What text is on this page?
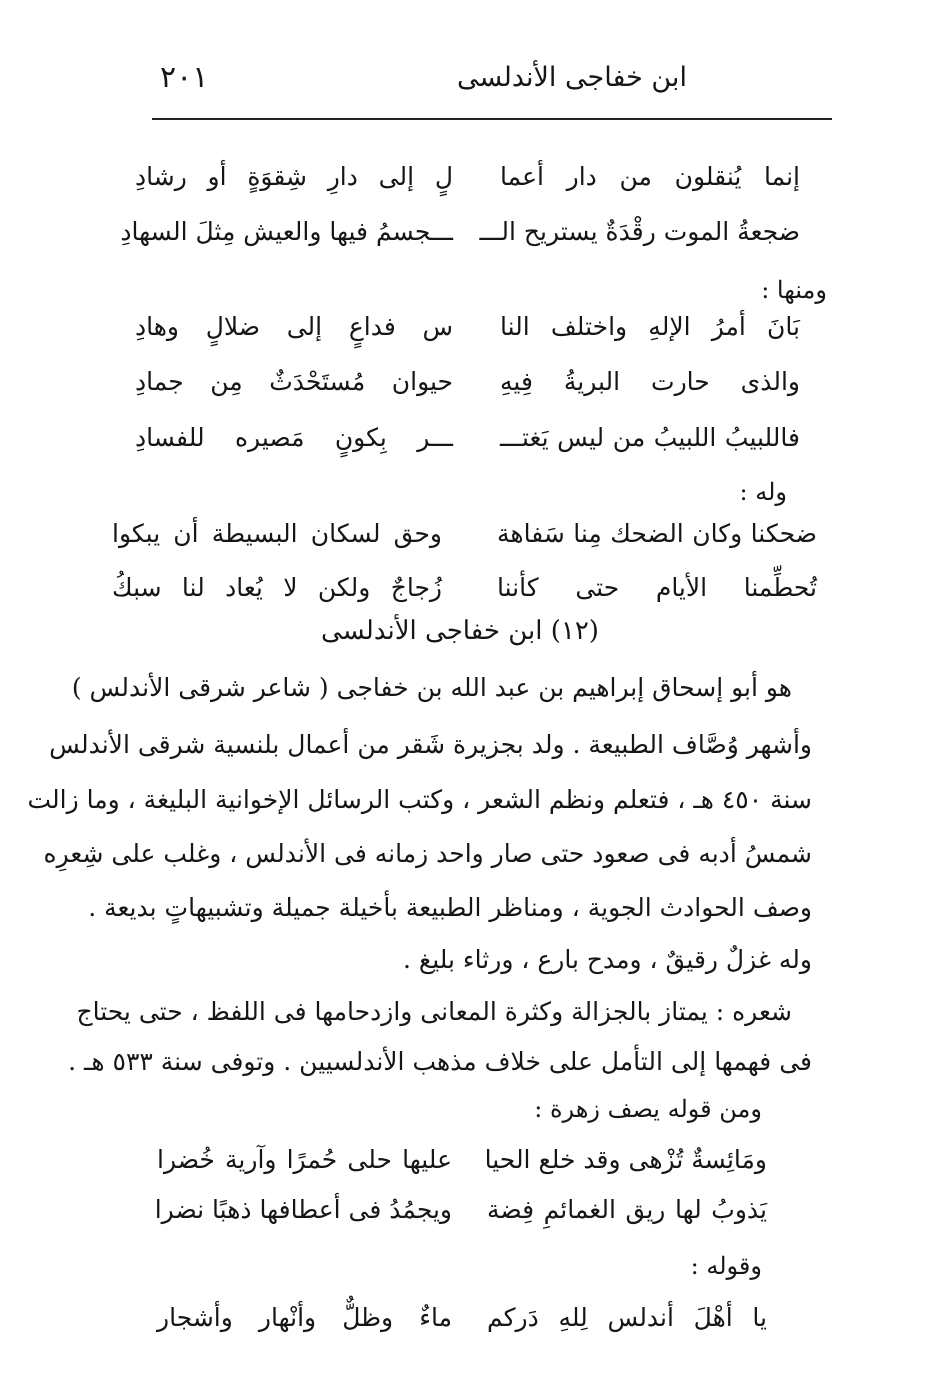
٢٠١	ابن خفاجى الأندلسى
إنما يُنقلون من دار أعما
لٍ إلى دارِ شِقوَةٍ أو رشادِ
ضجعةُ الموت رقْدَةٌ يستريح الـــ
ـــجسمُ فيها والعيش مِثلَ السهادِ
ومنها :
بَانَ أمرُ الإلهِ واختلف النا
س فداعٍ إلى ضلالٍ وهادِ
والذى حارت البريةُ فِيهِ
حيوان مُستَحْدَثٌ مِن جمادِ
فاللبيبُ اللبيبُ من ليس يَغتـــ
ـــر بِكونٍ مَصيره للفسادِ
وله :
ضحكنا وكان الضحك مِنا سَفاهة
وحق لسكان البسيطة أن يبكوا
تُحطِّمنا الأيام حتى كأننا
زُجاجٌ ولكن لا يُعاد لنا سبكُ
(١٢) ابن خفاجى الأندلسى
هو أبو إسحاق إبراهيم بن عبد الله بن خفاجى ( شاعر شرقى الأندلس )
وأشهر وُصَّاف الطبيعة . ولد بجزيرة شَقر من أعمال بلنسية شرقى الأندلس
سنة ٤٥٠ هـ ، فتعلم ونظم الشعر ، وكتب الرسائل الإخوانية البليغة ، وما زالت
شمسُ أدبه فى صعود حتى صار واحد زمانه فى الأندلس ، وغلب على شِعرِه
وصف الحوادث الجوية ، ومناظر الطبيعة بأخيلة جميلة وتشبيهاتٍ بديعة .
وله غزلٌ رقيقٌ ، ومدح بارع ، ورثاء بليغ .
شعره : يمتاز بالجزالة وكثرة المعانى وازدحامها فى اللفظ ، حتى يحتاج
فى فهمها إلى التأمل على خلاف مذهب الأندلسيين . وتوفى سنة ٥٣٣ هـ .
ومن قوله يصف زهرة :
ومَائِسةٌ تُزْهى وقد خلع الحيا
عليها حلى حُمرًا وآرية خُضرا
يَذوبُ لها ريق الغمائمِ فِضة
ويجمُدُ فى أعطافها ذهبًا نضرا
وقوله :
يا أهْلَ أندلس لِلهِ دَركم
ماءٌ وظلٌّ وأنْهار وأشجار
